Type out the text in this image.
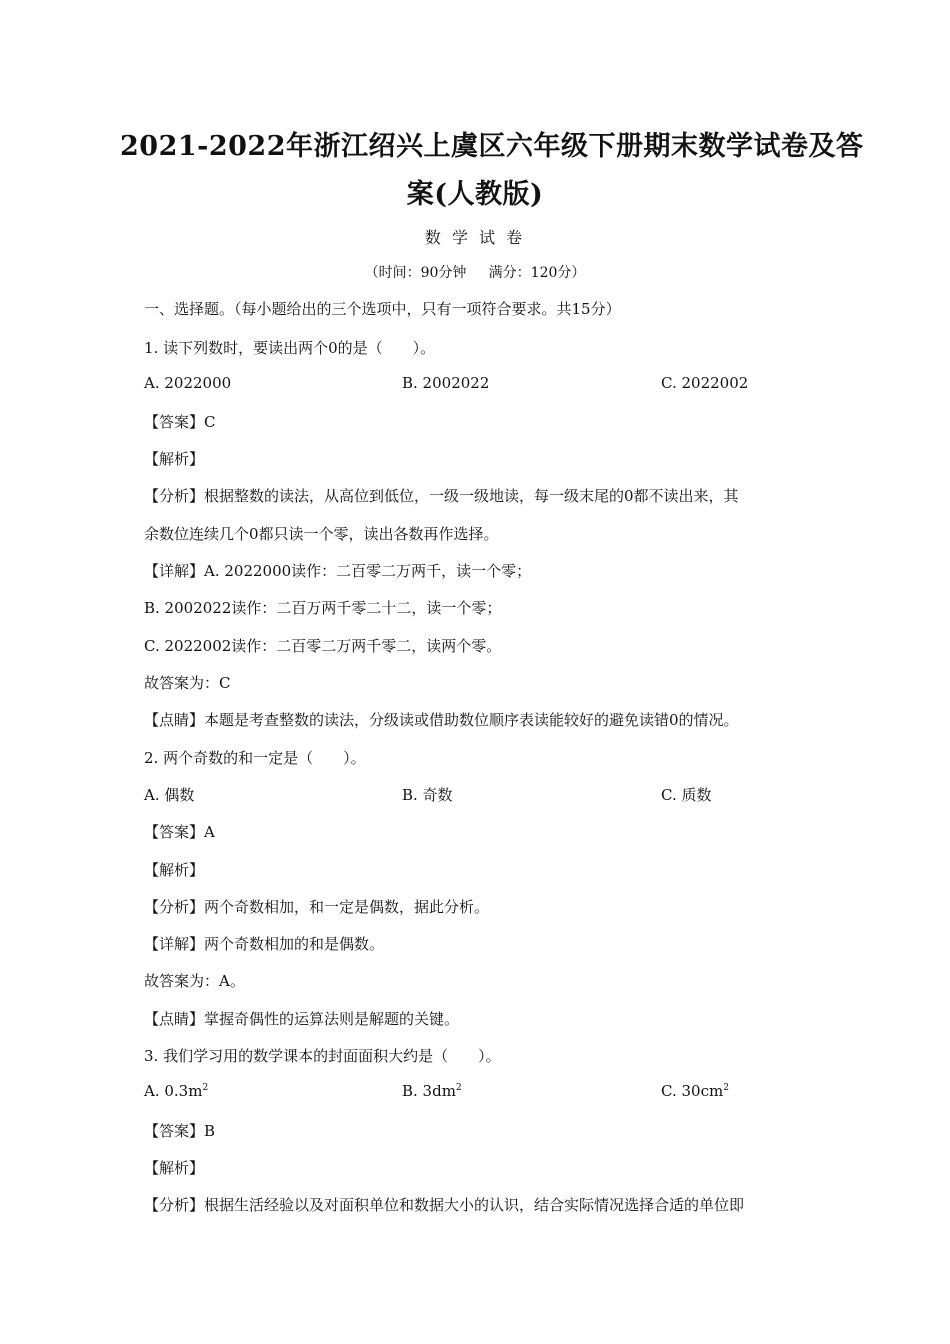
2021-2022年浙江绍兴上虞区六年级下册期末数学试卷及答
案(人教版)
数 学 试 卷
（时间：90分钟     满分：120分）
一、选择题。（每小题给出的三个选项中，只有一项符合要求。共15分）
1. 读下列数时，要读出两个0的是（　　）。
A. 2022000	B. 2002022	C. 2022002
【答案】C
【解析】
【分析】根据整数的读法，从高位到低位，一级一级地读，每一级末尾的0都不读出来，其
余数位连续几个0都只读一个零，读出各数再作选择。
【详解】A. 2022000读作：二百零二万两千，读一个零；
B. 2002022读作：二百万两千零二十二，读一个零；
C. 2022002读作：二百零二万两千零二，读两个零。
故答案为：C
【点睛】本题是考查整数的读法，分级读或借助数位顺序表读能较好的避免读错0的情况。
2. 两个奇数的和一定是（　　）。
A. 偶数	B. 奇数	C. 质数
【答案】A
【解析】
【分析】两个奇数相加，和一定是偶数，据此分析。
【详解】两个奇数相加的和是偶数。
故答案为：A。
【点睛】掌握奇偶性的运算法则是解题的关键。
3. 我们学习用的数学课本的封面面积大约是（　　）。
A. $0.3m^2$	B. $3dm^2$	C. $30cm^2$
【答案】B
【解析】
【分析】根据生活经验以及对面积单位和数据大小的认识，结合实际情况选择合适的单位即
